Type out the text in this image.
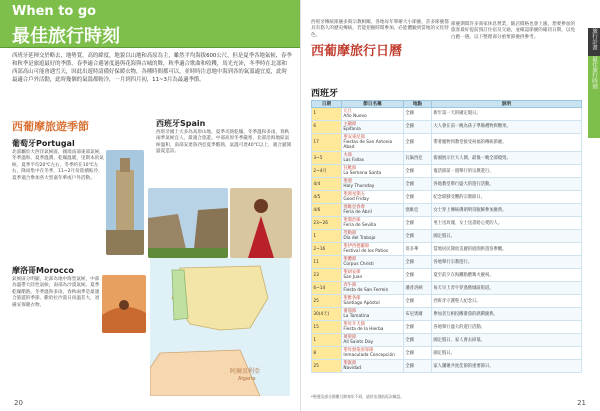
When to go
最佳旅行時刻
西班牙延揮交於略去，地勢寬，高的緯度，地貌以山地和高原為主，雖然平均海拔600公尺，但是夏季各地氣候、春季和秋季是旅遊最好的季節，春季適合避暑度過與花海與古城的舞，秋季適合歌曲和收穫，馬光充沛，冬季時在北部和西部高山可能會遇雪天，因此出遊時請備好保暖衣物，各種時間都可以，並時時注意地中海到各的氣溫適宜度，此時最適合戶外活動，此時幾個的氣溫都較冷，一月到四月初，11~3月為最適季節。
西葡摩旅遊季節
葡萄牙Portugal
北部屬於大西洋氣候區，國境南部東部氣候，冬季溫和，夏季溫潤，乾燥溫暖，里斯本的氣候，夏季平均20℃左右，冬季約在10℃左右，降雨集中在冬季，11~2月份陸續較冷，夏季適合參加各大型嘉年華或戶外活動。
摩洛哥Morocco
氣候區分明顯，北部為地中海型氣候，中部為溫帶大陸性氣候，南部為沙漠氣候。夏季乾燥酷熱，冬季溫和多雨，春秋兩季是最適合旅遊的季節。撒哈拉沙漠日夜溫差大，須備妥保暖衣物。
西班牙Spain
西班牙國土大多為高原山地，夏季炎熱乾燥，冬季溫和多雨，春秋兩季氣候宜人，最適合旅遊。中部高原冬季嚴寒，北部沿海地區氣候溫和，南部安達魯西亞夏季酷熱，氣溫可達40℃以上，適合避開盛夏造訪。
阿爾及利亞
Algeria
20
西葡摩旅行日曆
西班牙傳統節慶多與宗教相關，各地每年舉辦大小節慶，許多節慶都具有悠久的歷史傳統，若能把握時間參加，必能體驗到當地的文化特色。
節慶期間許多商家休息營業，飯店價格也會上漲，想要參加的旅客最好提前預訂住宿及交通，並確認節慶的確切日期，以免白跑一趟。以下整理部分重要節慶供參考。
西班牙
日期	節日名稱	地點	說明
1	元旦
Año Nuevo	全國	新年第一天的國定假日。
6	主顯節
Epifanía	全國	大人會在前一晚為孩子準備禮物與糖果。
17	聖安東尼節
Fiestas de San Antonio Abad	全國	帶著寵物到教堂接受祝福的傳統節慶。
3~5	火節
Las Fallas	瓦倫西亞	街頭展示巨大人偶，最後一晚全部燒毀。
2~4月	狂歡節
La Semana Santa	全國	復活節前一週舉行的宗教遊行。
4/4	聖週
Holy Thursday	全國	各地教堂舉行盛大的遊行活動。
4/5	聖週星期五
Good Friday	全國	紀念耶穌受難的宗教節日。
4/6	塞維亞春會
Feria de Abril	塞維亞	女士穿上傳統佛朗明哥服飾參加慶典。
23~26	聖喬治節
Feria de Sevilla	全國	男士送玫瑰、女士送書給心愛的人。
1	勞動節
Día del Trabajo	全國	國定假日。
2~16	聖伊西德羅節
Festival de los Patios	哥多華	當地居民開放美麗的庭園供遊客參觀。
11	聖體節
Corpus Christi	全國	各地舉行宗教遊行。
23	聖胡安節
San Juan	全國	夏至前夕在海灘點燃篝火慶祝。
6~14	奔牛節
Fiesta de San Fermín	潘普洛納	每天早上奔牛穿過舊城區街道。
25	聖雅各節
Santiago Apóstol	全國	西班牙守護聖人紀念日。
30(4天)	番茄節
La Tomatina	布尼奧爾	參加者互相投擲番茄的熱鬧慶典。
15	聖母升天節
Fiesta de la Hierba	全國	各地舉行盛大的遊行活動。
1	萬聖節
All Saints Day	全國	國定假日，家人會去掃墓。
8	聖母無染原罪節
Inmaculada Concepción	全國	國定假日。
25	聖誕節
Navidad	全國	家人團聚共度佳節的重要節日。
*聖週及部分節慶日期每年不同，請於出發前再次確認。
21
旅行計畫
最佳旅行時刻
